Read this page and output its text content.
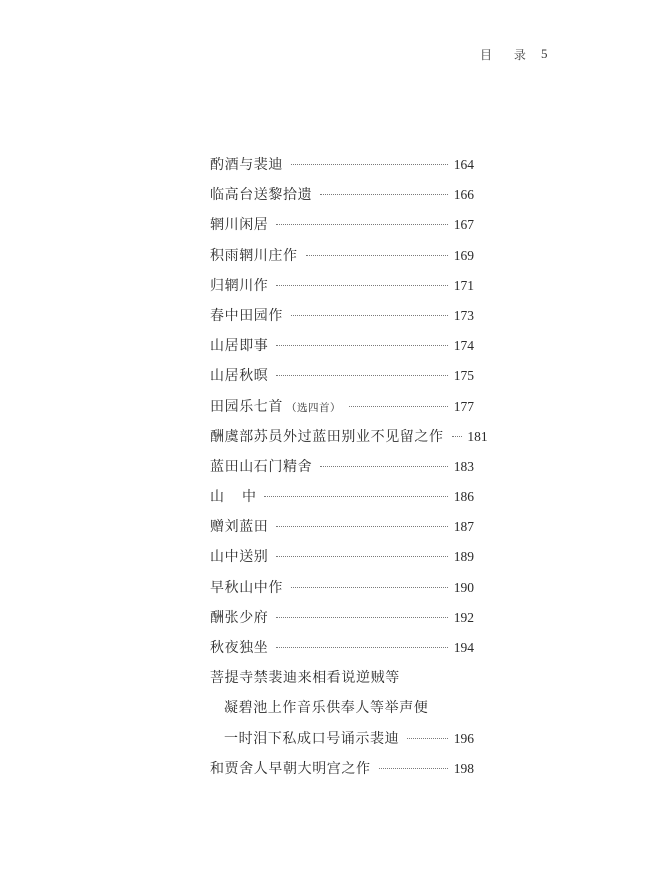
目 录 5
酌酒与裴迪	164
临高台送黎拾遗	166
辋川闲居	167
积雨辋川庄作	169
归辋川作	171
春中田园作	173
山居即事	174
山居秋暝	175
田园乐七首 （选四首）	177
酬虞部苏员外过蓝田别业不见留之作 181
蓝田山石门精舍	183
山 中	186
赠刘蓝田	187
山中送别	189
早秋山中作	190
酬张少府	192
秋夜独坐	194
菩提寺禁裴迪来相看说逆贼等
凝碧池上作音乐供奉人等举声便
一时泪下私成口号诵示裴迪	196
和贾舍人早朝大明宫之作	198
